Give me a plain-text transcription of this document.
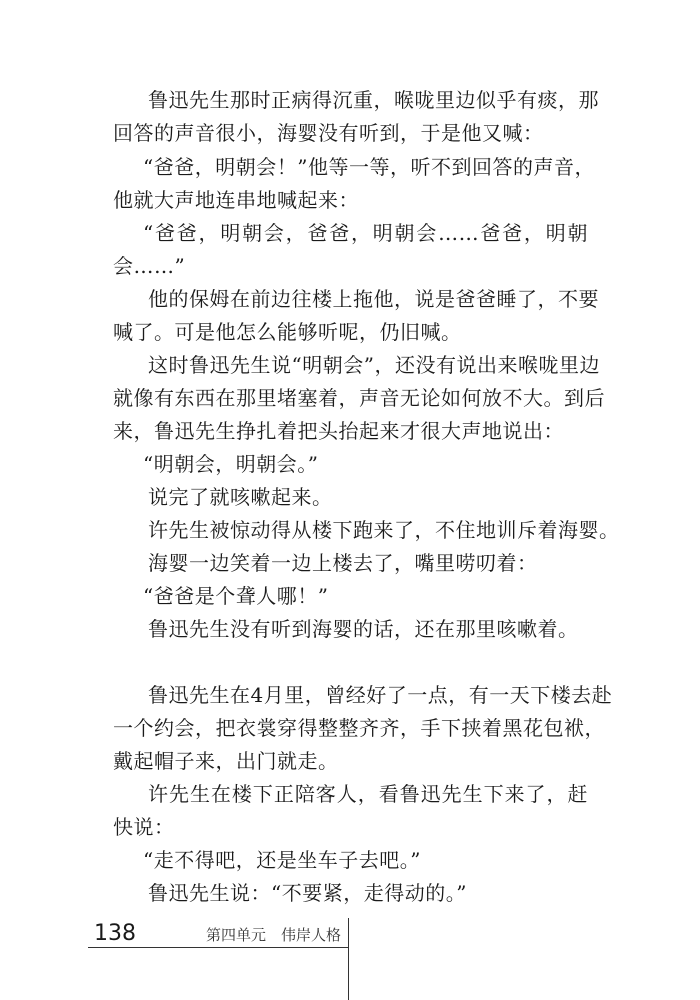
鲁迅先生那时正病得沉重，喉咙里边似乎有痰，那
回答的声音很小，海婴没有听到，于是他又喊：
“爸爸，明朝会！”他等一等，听不到回答的声音，
他就大声地连串地喊起来：
“爸爸，明朝会，爸爸，明朝会……爸爸，明朝
会……”
他的保姆在前边往楼上拖他，说是爸爸睡了，不要
喊了。可是他怎么能够听呢，仍旧喊。
这时鲁迅先生说“明朝会”，还没有说出来喉咙里边
就像有东西在那里堵塞着，声音无论如何放不大。到后
来，鲁迅先生挣扎着把头抬起来才很大声地说出：
“明朝会，明朝会。”
说完了就咳嗽起来。
许先生被惊动得从楼下跑来了，不住地训斥着海婴。
海婴一边笑着一边上楼去了，嘴里唠叨着：
“爸爸是个聋人哪！”
鲁迅先生没有听到海婴的话，还在那里咳嗽着。
鲁迅先生在4月里，曾经好了一点，有一天下楼去赴
一个约会，把衣裳穿得整整齐齐，手下挟着黑花包袱，
戴起帽子来，出门就走。
许先生在楼下正陪客人，看鲁迅先生下来了，赶
快说：
“走不得吧，还是坐车子去吧。”
鲁迅先生说：“不要紧，走得动的。”
138	第四单元　伟岸人格
